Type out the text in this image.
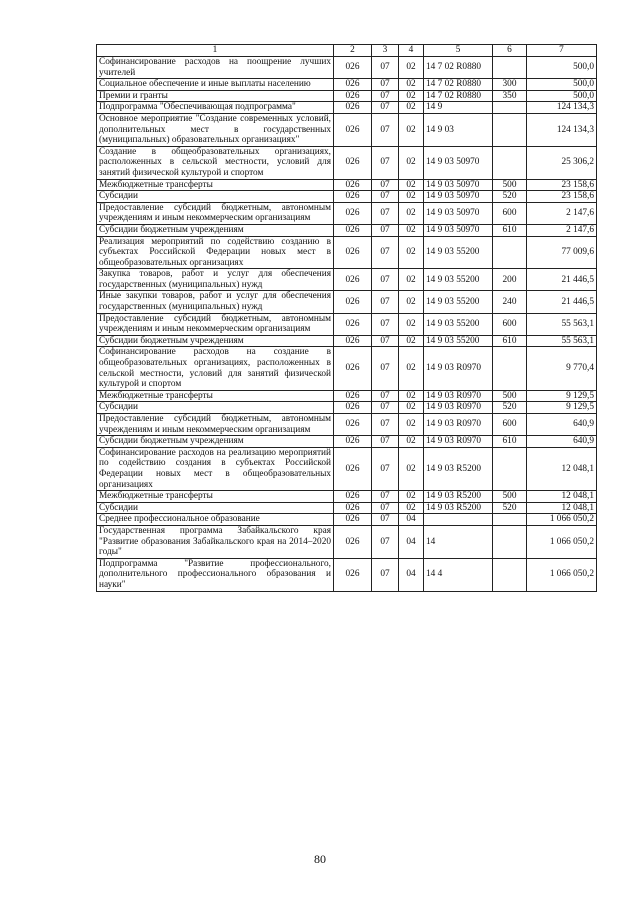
1	2	3	4	5	6	7
Софинансирование расходов на поощрение лучших учителей	026	07	02	14 7 02 R0880		500,0
Социальное обеспечение и иные выплаты населению	026	07	02	14 7 02 R0880	300	500,0
Премии и гранты	026	07	02	14 7 02 R0880	350	500,0
Подпрограмма "Обеспечивающая подпрограмма"	026	07	02	14 9		124 134,3
Основное мероприятие "Создание современных условий, дополнительных мест в государственных (муниципальных) образовательных организациях"	026	07	02	14 9 03		124 134,3
Создание в общеобразовательных организациях, расположенных в сельской местности, условий для занятий физической культурой и спортом	026	07	02	14 9 03 50970		25 306,2
Межбюджетные трансферты	026	07	02	14 9 03 50970	500	23 158,6
Субсидии	026	07	02	14 9 03 50970	520	23 158,6
Предоставление субсидий бюджетным, автономным учреждениям и иным некоммерческим организациям	026	07	02	14 9 03 50970	600	2 147,6
Субсидии бюджетным учреждениям	026	07	02	14 9 03 50970	610	2 147,6
Реализация мероприятий по содействию созданию в субъектах Российской Федерации новых мест в общеобразовательных организациях	026	07	02	14 9 03 55200		77 009,6
Закупка товаров, работ и услуг для обеспечения государственных (муниципальных) нужд	026	07	02	14 9 03 55200	200	21 446,5
Иные закупки товаров, работ и услуг для обеспечения государственных (муниципальных) нужд	026	07	02	14 9 03 55200	240	21 446,5
Предоставление субсидий бюджетным, автономным учреждениям и иным некоммерческим организациям	026	07	02	14 9 03 55200	600	55 563,1
Субсидии бюджетным учреждениям	026	07	02	14 9 03 55200	610	55 563,1
Софинансирование расходов на создание в общеобразовательных организациях, расположенных в сельской местности, условий для занятий физической культурой и спортом	026	07	02	14 9 03 R0970		9 770,4
Межбюджетные трансферты	026	07	02	14 9 03 R0970	500	9 129,5
Субсидии	026	07	02	14 9 03 R0970	520	9 129,5
Предоставление субсидий бюджетным, автономным учреждениям и иным некоммерческим организациям	026	07	02	14 9 03 R0970	600	640,9
Субсидии бюджетным учреждениям	026	07	02	14 9 03 R0970	610	640,9
Софинансирование расходов на реализацию мероприятий по содействию создания в субъектах Российской Федерации новых мест в общеобразовательных организациях	026	07	02	14 9 03 R5200		12 048,1
Межбюджетные трансферты	026	07	02	14 9 03 R5200	500	12 048,1
Субсидии	026	07	02	14 9 03 R5200	520	12 048,1
Среднее профессиональное образование	026	07	04			1 066 050,2
Государственная программа Забайкальского края "Развитие образования Забайкальского края на 2014–2020 годы"	026	07	04	14		1 066 050,2
Подпрограмма "Развитие профессионального, дополнительного профессионального образования и науки"	026	07	04	14 4		1 066 050,2
80
